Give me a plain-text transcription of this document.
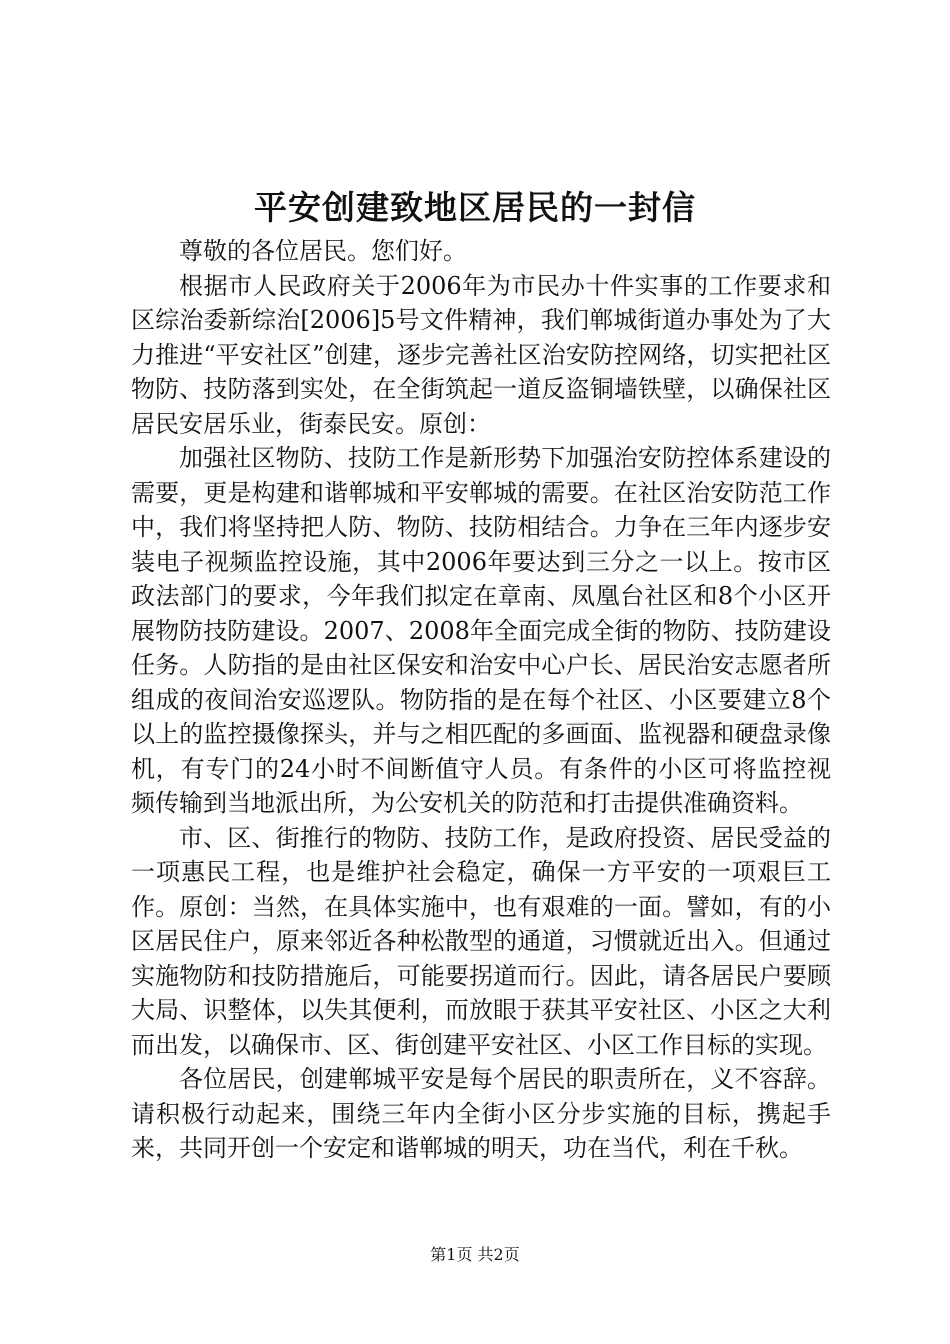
平安创建致地区居民的一封信

尊敬的各位居民。您们好。

根据市人民政府关于2006年为市民办十件实事的工作要求和区综治委新综治[2006]5号文件精神，我们郸城街道办事处为了大力推进“平安社区”创建，逐步完善社区治安防控网络，切实把社区物防、技防落到实处，在全街筑起一道反盗铜墙铁壁，以确保社区居民安居乐业，街泰民安。原创：

加强社区物防、技防工作是新形势下加强治安防控体系建设的需要，更是构建和谐郸城和平安郸城的需要。在社区治安防范工作中，我们将坚持把人防、物防、技防相结合。力争在三年内逐步安装电子视频监控设施，其中2006年要达到三分之一以上。按市区政法部门的要求，今年我们拟定在章南、凤凰台社区和8个小区开展物防技防建设。2007、2008年全面完成全街的物防、技防建设任务。人防指的是由社区保安和治安中心户长、居民治安志愿者所组成的夜间治安巡逻队。物防指的是在每个社区、小区要建立8个以上的监控摄像探头，并与之相匹配的多画面、监视器和硬盘录像机，有专门的24小时不间断值守人员。有条件的小区可将监控视频传输到当地派出所，为公安机关的防范和打击提供准确资料。

市、区、街推行的物防、技防工作，是政府投资、居民受益的一项惠民工程，也是维护社会稳定，确保一方平安的一项艰巨工作。原创：当然，在具体实施中，也有艰难的一面。譬如，有的小区居民住户，原来邻近各种松散型的通道，习惯就近出入。但通过实施物防和技防措施后，可能要拐道而行。因此，请各居民户要顾大局、识整体，以失其便利，而放眼于获其平安社区、小区之大利而出发，以确保市、区、街创建平安社区、小区工作目标的实现。

各位居民，创建郸城平安是每个居民的职责所在，义不容辞。请积极行动起来，围绕三年内全街小区分步实施的目标，携起手来，共同开创一个安定和谐郸城的明天，功在当代，利在千秋。

第1页 共2页
